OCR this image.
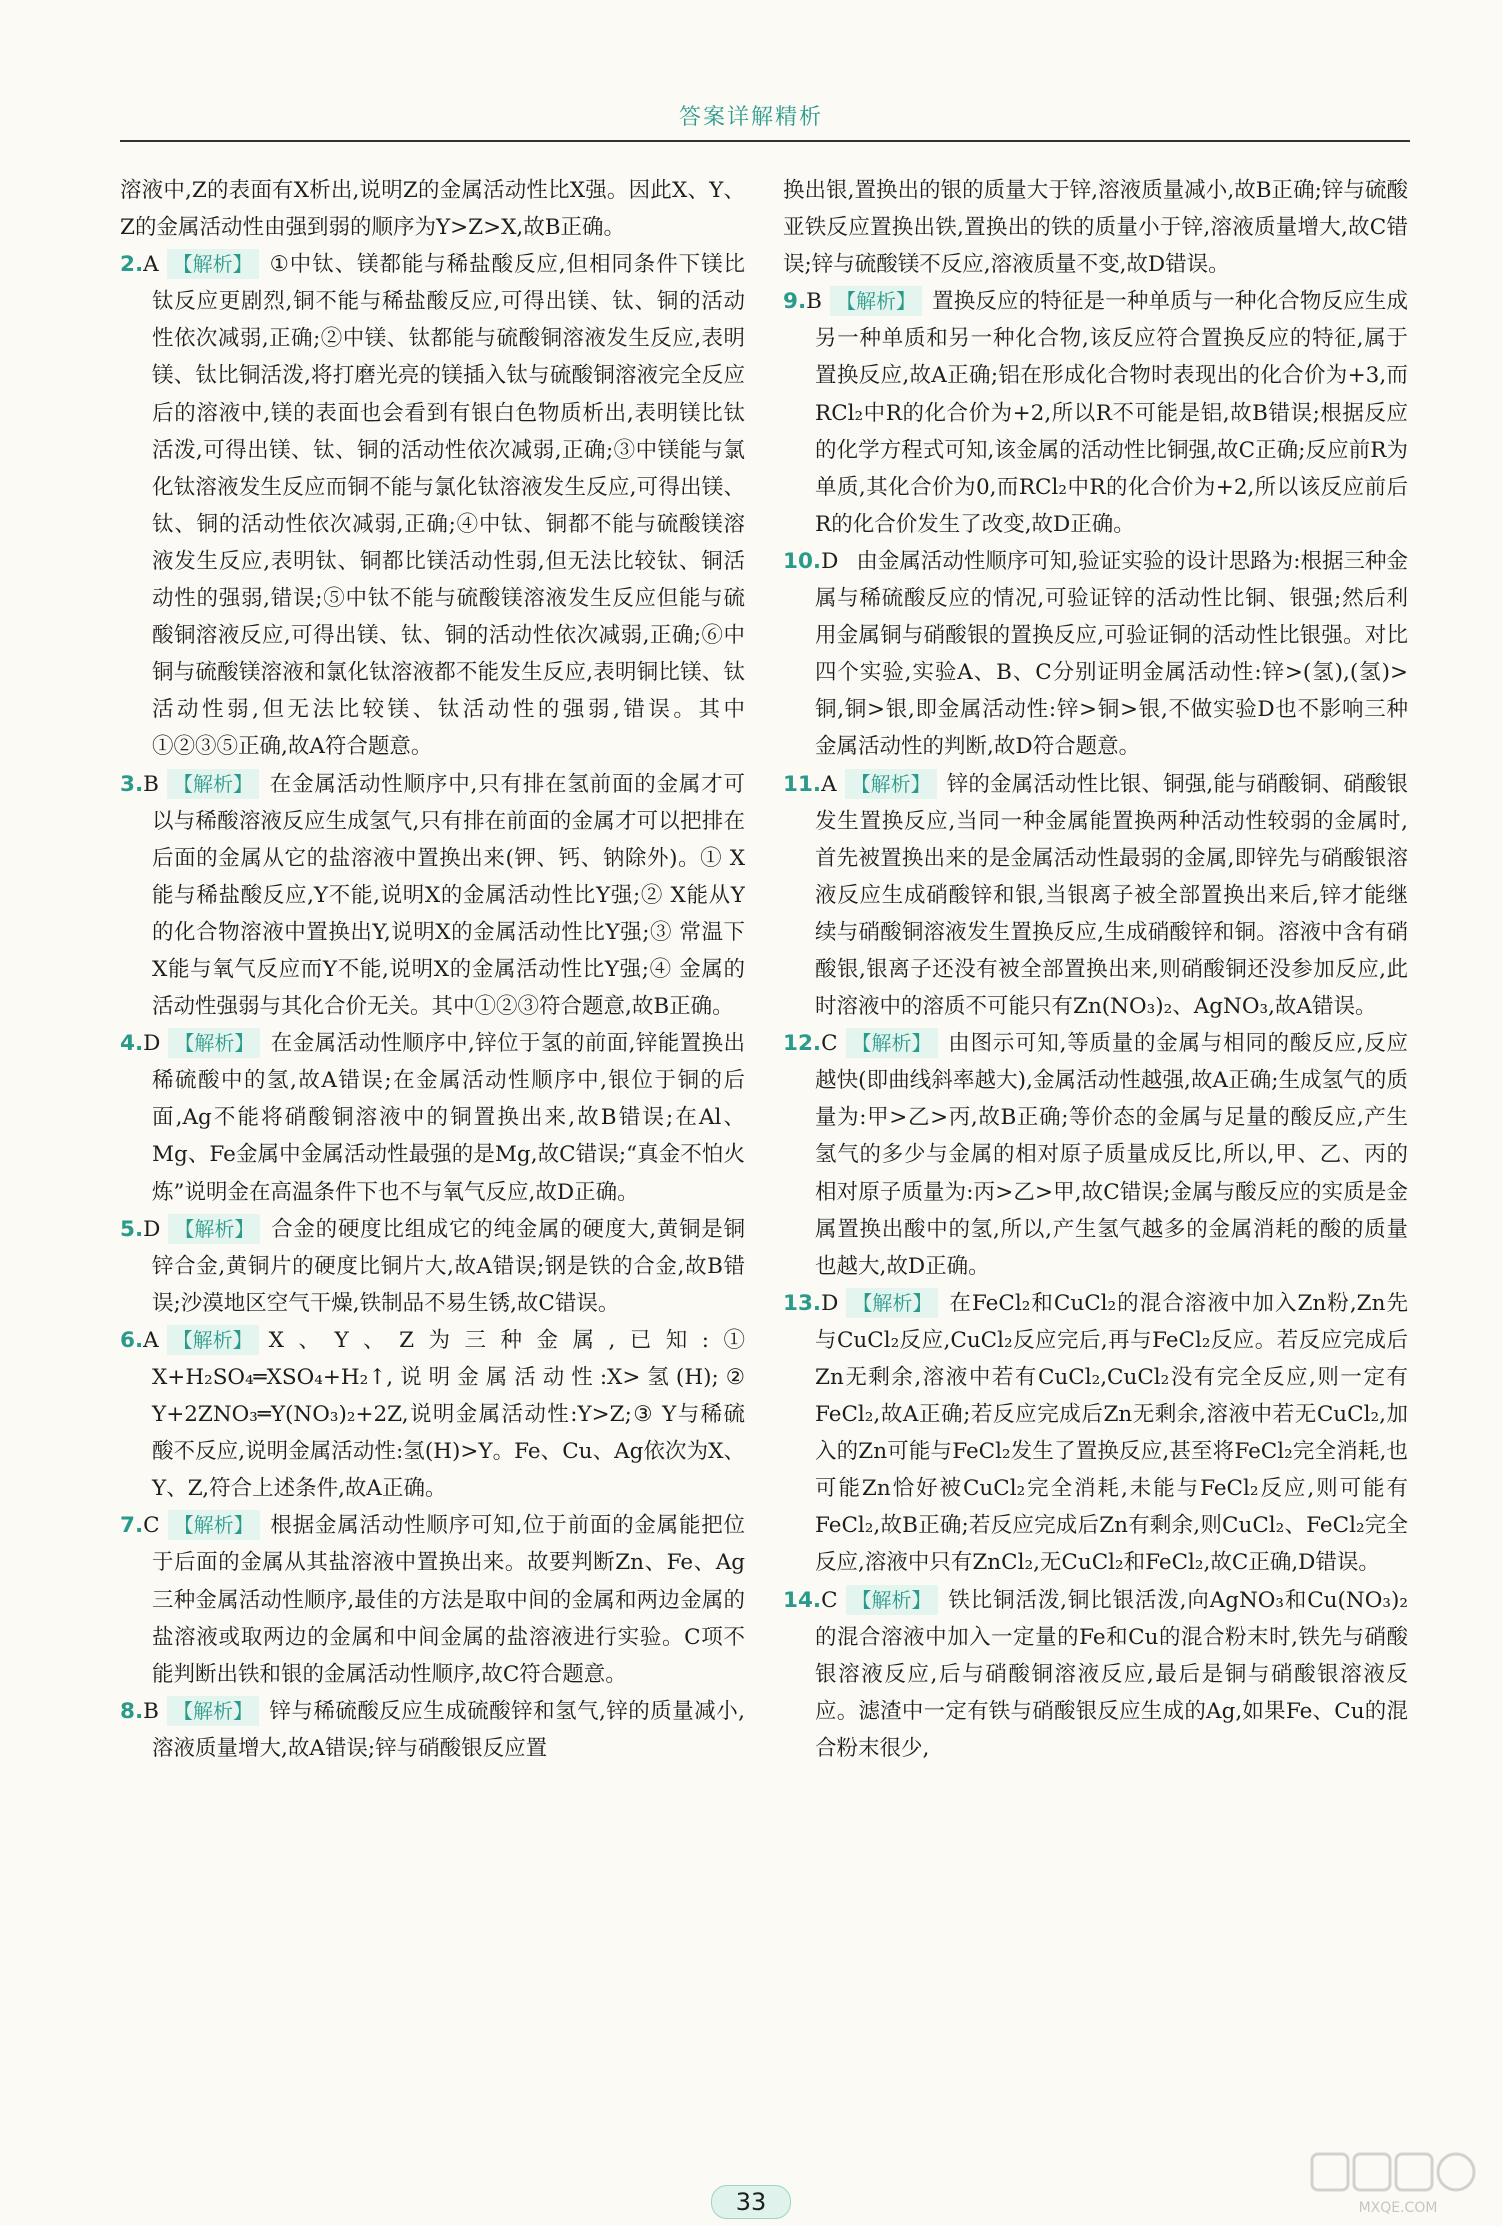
答案详解精析

溶液中,Z的表面有X析出,说明Z的金属活动性比X强。因此X、Y、Z的金属活动性由强到弱的顺序为Y>Z>X,故B正确。

2.A 【解析】 ①中钛、镁都能与稀盐酸反应,但相同条件下镁比钛反应更剧烈,铜不能与稀盐酸反应,可得出镁、钛、铜的活动性依次减弱,正确;②中镁、钛都能与硫酸铜溶液发生反应,表明镁、钛比铜活泼,将打磨光亮的镁插入钛与硫酸铜溶液完全反应后的溶液中,镁的表面也会看到有银白色物质析出,表明镁比钛活泼,可得出镁、钛、铜的活动性依次减弱,正确;③中镁能与氯化钛溶液发生反应而铜不能与氯化钛溶液发生反应,可得出镁、钛、铜的活动性依次减弱,正确;④中钛、铜都不能与硫酸镁溶液发生反应,表明钛、铜都比镁活动性弱,但无法比较钛、铜活动性的强弱,错误;⑤中钛不能与硫酸镁溶液发生反应但能与硫酸铜溶液反应,可得出镁、钛、铜的活动性依次减弱,正确;⑥中铜与硫酸镁溶液和氯化钛溶液都不能发生反应,表明铜比镁、钛活动性弱,但无法比较镁、钛活动性的强弱,错误。其中①②③⑤正确,故A符合题意。

3.B 【解析】 在金属活动性顺序中,只有排在氢前面的金属才可以与稀酸溶液反应生成氢气,只有排在前面的金属才可以把排在后面的金属从它的盐溶液中置换出来(钾、钙、钠除外)。① X能与稀盐酸反应,Y不能,说明X的金属活动性比Y强;② X能从Y的化合物溶液中置换出Y,说明X的金属活动性比Y强;③ 常温下X能与氧气反应而Y不能,说明X的金属活动性比Y强;④ 金属的活动性强弱与其化合价无关。其中①②③符合题意,故B正确。

4.D 【解析】 在金属活动性顺序中,锌位于氢的前面,锌能置换出稀硫酸中的氢,故A错误;在金属活动性顺序中,银位于铜的后面,Ag不能将硝酸铜溶液中的铜置换出来,故B错误;在Al、Mg、Fe金属中金属活动性最强的是Mg,故C错误;“真金不怕火炼”说明金在高温条件下也不与氧气反应,故D正确。

5.D 【解析】 合金的硬度比组成它的纯金属的硬度大,黄铜是铜锌合金,黄铜片的硬度比铜片大,故A错误;钢是铁的合金,故B错误;沙漠地区空气干燥,铁制品不易生锈,故C错误。

6.A 【解析】 X、Y、Z为三种金属,已知:① X+H₂SO₄═XSO₄+H₂↑,说明金属活动性:X>氢(H);② Y+2ZNO₃═Y(NO₃)₂+2Z,说明金属活动性:Y>Z;③ Y与稀硫酸不反应,说明金属活动性:氢(H)>Y。Fe、Cu、Ag依次为X、Y、Z,符合上述条件,故A正确。

7.C 【解析】 根据金属活动性顺序可知,位于前面的金属能把位于后面的金属从其盐溶液中置换出来。故要判断Zn、Fe、Ag三种金属活动性顺序,最佳的方法是取中间的金属和两边金属的盐溶液或取两边的金属和中间金属的盐溶液进行实验。C项不能判断出铁和银的金属活动性顺序,故C符合题意。

8.B 【解析】 锌与稀硫酸反应生成硫酸锌和氢气,锌的质量减小,溶液质量增大,故A错误;锌与硝酸银反应置

换出银,置换出的银的质量大于锌,溶液质量减小,故B正确;锌与硫酸亚铁反应置换出铁,置换出的铁的质量小于锌,溶液质量增大,故C错误;锌与硫酸镁不反应,溶液质量不变,故D错误。

9.B 【解析】 置换反应的特征是一种单质与一种化合物反应生成另一种单质和另一种化合物,该反应符合置换反应的特征,属于置换反应,故A正确;铝在形成化合物时表现出的化合价为+3,而RCl₂中R的化合价为+2,所以R不可能是铝,故B错误;根据反应的化学方程式可知,该金属的活动性比铜强,故C正确;反应前R为单质,其化合价为0,而RCl₂中R的化合价为+2,所以该反应前后R的化合价发生了改变,故D正确。

10.D 由金属活动性顺序可知,验证实验的设计思路为:根据三种金属与稀硫酸反应的情况,可验证锌的活动性比铜、银强;然后利用金属铜与硝酸银的置换反应,可验证铜的活动性比银强。对比四个实验,实验A、B、C分别证明金属活动性:锌>(氢),(氢)>铜,铜>银,即金属活动性:锌>铜>银,不做实验D也不影响三种金属活动性的判断,故D符合题意。

11.A 【解析】 锌的金属活动性比银、铜强,能与硝酸铜、硝酸银发生置换反应,当同一种金属能置换两种活动性较弱的金属时,首先被置换出来的是金属活动性最弱的金属,即锌先与硝酸银溶液反应生成硝酸锌和银,当银离子被全部置换出来后,锌才能继续与硝酸铜溶液发生置换反应,生成硝酸锌和铜。溶液中含有硝酸银,银离子还没有被全部置换出来,则硝酸铜还没参加反应,此时溶液中的溶质不可能只有Zn(NO₃)₂、AgNO₃,故A错误。

12.C 【解析】 由图示可知,等质量的金属与相同的酸反应,反应越快(即曲线斜率越大),金属活动性越强,故A正确;生成氢气的质量为:甲>乙>丙,故B正确;等价态的金属与足量的酸反应,产生氢气的多少与金属的相对原子质量成反比,所以,甲、乙、丙的相对原子质量为:丙>乙>甲,故C错误;金属与酸反应的实质是金属置换出酸中的氢,所以,产生氢气越多的金属消耗的酸的质量也越大,故D正确。

13.D 【解析】 在FeCl₂和CuCl₂的混合溶液中加入Zn粉,Zn先与CuCl₂反应,CuCl₂反应完后,再与FeCl₂反应。若反应完成后Zn无剩余,溶液中若有CuCl₂,CuCl₂没有完全反应,则一定有FeCl₂,故A正确;若反应完成后Zn无剩余,溶液中若无CuCl₂,加入的Zn可能与FeCl₂发生了置换反应,甚至将FeCl₂完全消耗,也可能Zn恰好被CuCl₂完全消耗,未能与FeCl₂反应,则可能有FeCl₂,故B正确;若反应完成后Zn有剩余,则CuCl₂、FeCl₂完全反应,溶液中只有ZnCl₂,无CuCl₂和FeCl₂,故C正确,D错误。

14.C 【解析】 铁比铜活泼,铜比银活泼,向AgNO₃和Cu(NO₃)₂的混合溶液中加入一定量的Fe和Cu的混合粉末时,铁先与硝酸银溶液反应,后与硝酸铜溶液反应,最后是铜与硝酸银溶液反应。滤渣中一定有铁与硝酸银反应生成的Ag,如果Fe、Cu的混合粉末很少,

33	MXQE.COM
